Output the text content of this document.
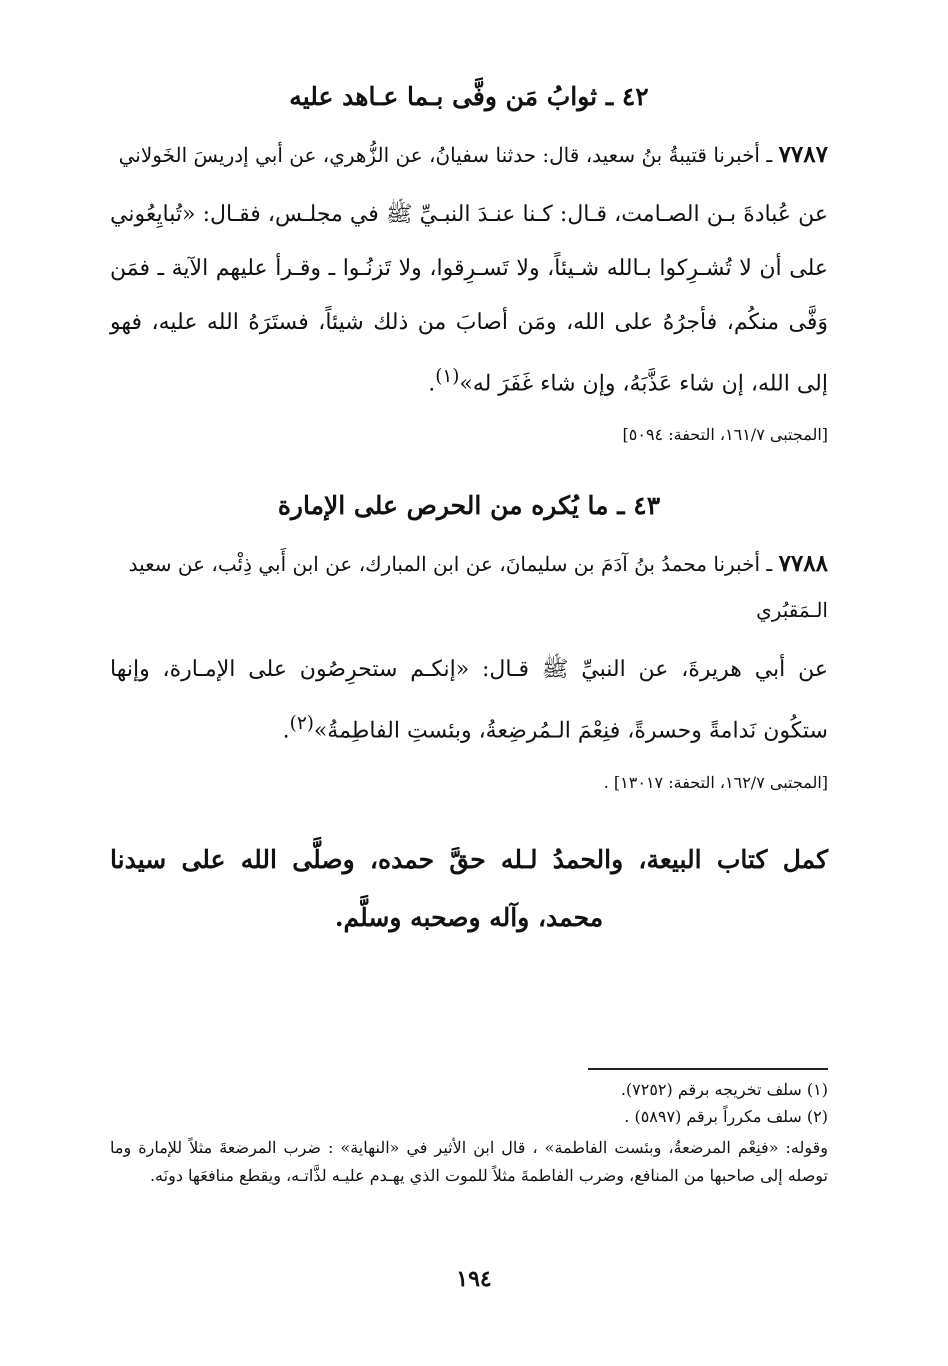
٤٢ ـ ثوابُ مَن وفَّى بـما عـاهد عليه

٧٧٨٧ ـ أخبرنا قتيبةُ بنُ سعيد، قال: حدثنا سفيانُ، عن الزُّهري، عن أبي إدريسَ الخَولاني

عن عُبادةَ بـن الصـامت، قـال: كـنا عنـدَ النبـيِّ ﷺ في مجلـس، فقـال: «تُبايِعُوني على أن لا تُشـرِكوا بـالله شـيئاً، ولا تَسـرِقوا، ولا تَزنُـوا ـ وقـرأ عليهم الآية ـ فمَن وَفَّى منكُم، فأجرُهُ على الله، ومَن أصابَ من ذلك شيئاً، فستَرَهُ الله عليه، فهو إلى الله، إن شاء عَذَّبَهُ، وإن شاء غَفَرَ له»$^{(١)}$.

[المجتبى ١٦١/٧، التحفة: ٥٠٩٤]

٤٣ ـ ما يُكره من الحرص على الإمارة

٧٧٨٨ ـ أخبرنا محمدُ بنُ آدَمَ بن سليمانَ، عن ابن المبارك، عن ابن أَبي ذِئْب، عن سعيد الـمَقبُري

عن أبي هريرةَ، عن النبيِّ ﷺ قـال: «إنكـم ستحرِصُون على الإمـارة، وإنها ستكُون نَدامةً وحسرةً، فنِعْمَ الـمُرضِعةُ، وبئستِ الفاطِمةُ»$^{(٢)}$.

[المجتبى ١٦٢/٧، التحفة: ١٣٠١٧] .

كمل كتاب البيعة، والحمدُ لـله حقَّ حمده، وصلَّى الله على سيدنا محمد، وآله وصحبه وسلَّم.

(١) سلف تخريجه برقم (٧٢٥٢).

(٢) سلف مكرراً برقم (٥٨٩٧) .

وقوله: «فنِعْم المرضعةُ، وبئست الفاطمة» ، قال ابن الأثير في «النهاية» : ضرب المرضعةَ مثلاً للإمارة وما توصله إلى صاحبها من المنافع، وضرب الفاطمةَ مثلاً للموت الذي يهـدم عليـه لذَّاتـه، ويقطع منافعَها دونَه.

١٩٤
